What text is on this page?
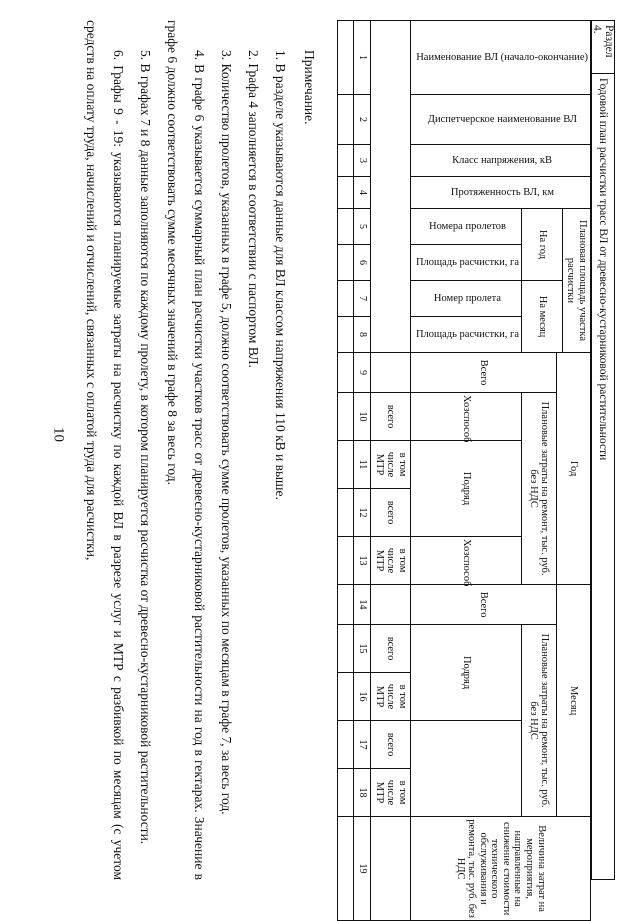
10
Раздел 4.
Годовой план расчистки трасс ВЛ от древесно-кустарниковой растительности
Наименование ВЛ (начало-окончание)	Диспетчерское наименование ВЛ	Класс напряжения, кВ	Протяженность ВЛ, км	Плановая площадь участка расчистки				Год				Месяц		Величина затрат на мероприятия, направленные на снижение стоимости технического обслуживания и ремонта, тыс. руб. без НДС
				На год		На месяц								
								Всего	Плановые затраты на ремонт, тыс. руб. без НДС			Всего	Плановые затраты на ремонт, тыс. руб. без НДС	
				Номера пролетов	Площадь расчистки, га	Номер пролета	Площадь расчистки, га		Хозспособ	Подряд	Хозспособ		Подряд	
		всего	в том числе МТР	всего	в том числе МТР		всего	в том числе МТР	всего	в том числе МТР	
1	2	3	4	5	6	7	8	9	10	11	12	13	14	15	16	17	18	19

Примечание.

1. В разделе указываются данные для ВЛ классом напряжения 110 кВ и выше.

2. Графа 4 заполняется в соответствии с паспортом ВЛ.

3. Количество пролетов, указанных в графе 5, должно соответствовать сумме пролетов, указанных по месяцам в графе 7, за весь год.

4. В графе 6 указывается суммарный план расчистки участков трасс от древесно-кустарниковой растительности на год в гектарах. Значение в графе 6 должно соответствовать сумме месячных значений в графе 8 за весь год.

5. В графах 7 и 8 данные заполняются по каждому пролету, в котором планируется расчистка от древесно-кустарниковой растительности.

6. Графы 9 - 19: указываются планируемые затраты на расчистку по каждой ВЛ в разрезе услуг и МТР с разбивкой по месяцам (с учетом средств на оплату труда, начислений и отчислений, связанных с оплатой труда для расчистки,
